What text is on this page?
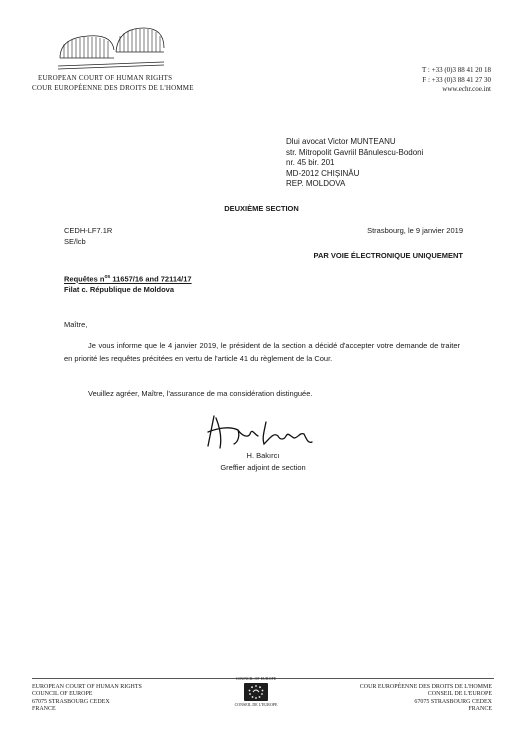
EUROPEAN COURT OF HUMAN RIGHTS
COUR EUROPÉENNE DES DROITS DE L'HOMME
T : +33 (0)3 88 41 20 18
F : +33 (0)3 88 41 27 30
www.echr.coe.int
Dlui avocat Victor MUNTEANU
str. Mitropolit Gavriil Bănulescu-Bodoni
nr. 45 bir. 201
MD-2012 CHIȘINĂU
REP. MOLDOVA
DEUXIÈME SECTION
CEDH-LF7.1R
SE/lcb
Strasbourg, le 9 janvier 2019
PAR VOIE ÉLECTRONIQUE UNIQUEMENT
Requêtes $n^{os}$ 11657/16 and 72114/17
Filat c. République de Moldova
Maître,
Je vous informe que le 4 janvier 2019, le président de la section a décidé d'accepter votre demande de traiter en priorité les requêtes précitées en vertu de l'article 41 du règlement de la Cour.
Veuillez agréer, Maître, l'assurance de ma considération distinguée.
H. Bakırcı
Greffier adjoint de section
EUROPEAN COURT OF HUMAN RIGHTS
COUNCIL OF EUROPE
67075 STRASBOURG CEDEX
FRANCE
COUNCIL OF EUROPE
CONSEIL DE L'EUROPE
COUR EUROPÉENNE DES DROITS DE L'HOMME
CONSEIL DE L'EUROPE
67075 STRASBOURG CEDEX
FRANCE
